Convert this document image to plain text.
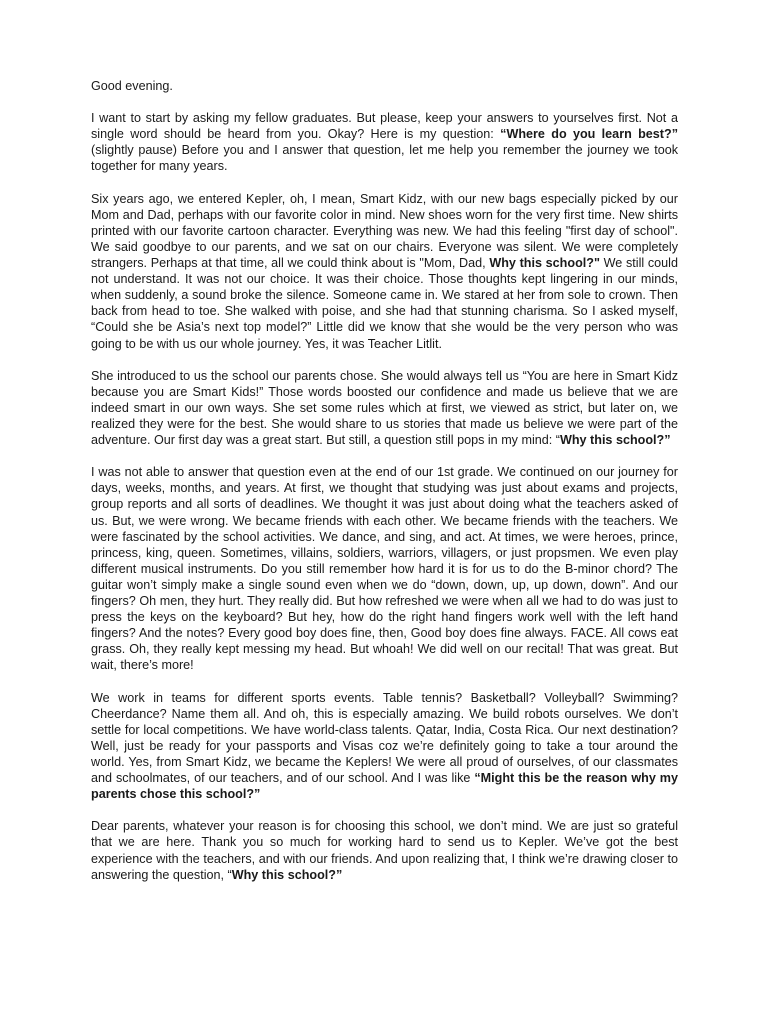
Good evening.

I want to start by asking my fellow graduates. But please, keep your answers to yourselves first. Not a single word should be heard from you. Okay? Here is my question: “Where do you learn best?” (slightly pause) Before you and I answer that question, let me help you remember the journey we took together for many years.

Six years ago, we entered Kepler, oh, I mean, Smart Kidz, with our new bags especially picked by our Mom and Dad, perhaps with our favorite color in mind. New shoes worn for the very first time. New shirts printed with our favorite cartoon character. Everything was new. We had this feeling "first day of school". We said goodbye to our parents, and we sat on our chairs. Everyone was silent. We were completely strangers. Perhaps at that time, all we could think about is "Mom, Dad, Why this school?" We still could not understand. It was not our choice. It was their choice. Those thoughts kept lingering in our minds, when suddenly, a sound broke the silence. Someone came in. We stared at her from sole to crown. Then back from head to toe. She walked with poise, and she had that stunning charisma. So I asked myself, “Could she be Asia’s next top model?” Little did we know that she would be the very person who was going to be with us our whole journey. Yes, it was Teacher Litlit.

She introduced to us the school our parents chose. She would always tell us “You are here in Smart Kidz because you are Smart Kids!” Those words boosted our confidence and made us believe that we are indeed smart in our own ways. She set some rules which at first, we viewed as strict, but later on, we realized they were for the best. She would share to us stories that made us believe we were part of the adventure. Our first day was a great start. But still, a question still pops in my mind: “Why this school?”

I was not able to answer that question even at the end of our 1st grade. We continued on our journey for days, weeks, months, and years. At first, we thought that studying was just about exams and projects, group reports and all sorts of deadlines. We thought it was just about doing what the teachers asked of us. But, we were wrong. We became friends with each other. We became friends with the teachers. We were fascinated by the school activities. We dance, and sing, and act. At times, we were heroes, prince, princess, king, queen. Sometimes, villains, soldiers, warriors, villagers, or just propsmen. We even play different musical instruments. Do you still remember how hard it is for us to do the B-minor chord? The guitar won’t simply make a single sound even when we do “down, down, up, up down, down”. And our fingers? Oh men, they hurt. They really did. But how refreshed we were when all we had to do was just to press the keys on the keyboard? But hey, how do the right hand fingers work well with the left hand fingers? And the notes? Every good boy does fine, then, Good boy does fine always. FACE. All cows eat grass. Oh, they really kept messing my head. But whoah! We did well on our recital! That was great. But wait, there’s more!

We work in teams for different sports events. Table tennis? Basketball? Volleyball? Swimming? Cheerdance? Name them all. And oh, this is especially amazing. We build robots ourselves. We don’t settle for local competitions. We have world-class talents. Qatar, India, Costa Rica. Our next destination? Well, just be ready for your passports and Visas coz we’re definitely going to take a tour around the world. Yes, from Smart Kidz, we became the Keplers! We were all proud of ourselves, of our classmates and schoolmates, of our teachers, and of our school. And I was like “Might this be the reason why my parents chose this school?”

Dear parents, whatever your reason is for choosing this school, we don’t mind. We are just so grateful that we are here. Thank you so much for working hard to send us to Kepler. We’ve got the best experience with the teachers, and with our friends. And upon realizing that, I think we’re drawing closer to answering the question, “Why this school?”
